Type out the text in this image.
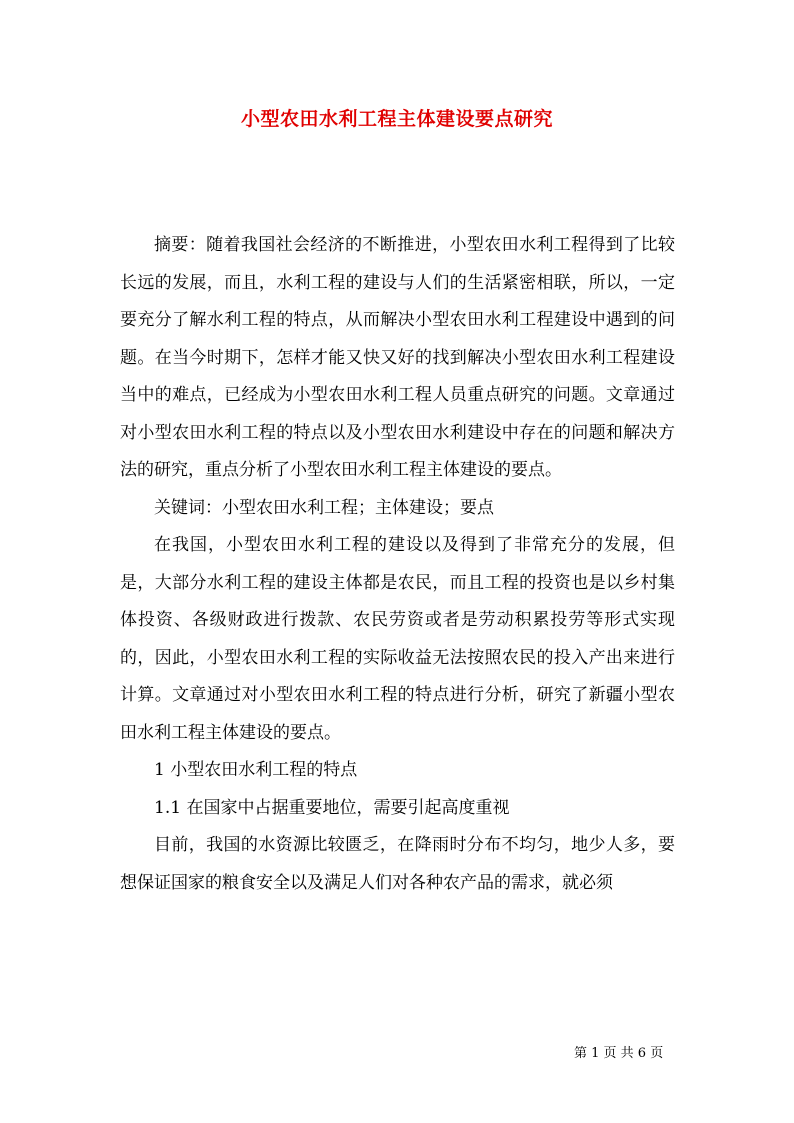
小型农田水利工程主体建设要点研究

摘要：随着我国社会经济的不断推进，小型农田水利工程得到了比较长远的发展，而且，水利工程的建设与人们的生活紧密相联，所以，一定要充分了解水利工程的特点，从而解决小型农田水利工程建设中遇到的问题。在当今时期下，怎样才能又快又好的找到解决小型农田水利工程建设当中的难点，已经成为小型农田水利工程人员重点研究的问题。文章通过对小型农田水利工程的特点以及小型农田水利建设中存在的问题和解决方法的研究，重点分析了小型农田水利工程主体建设的要点。

关键词：小型农田水利工程；主体建设；要点

在我国，小型农田水利工程的建设以及得到了非常充分的发展，但是，大部分水利工程的建设主体都是农民，而且工程的投资也是以乡村集体投资、各级财政进行拨款、农民劳资或者是劳动积累投劳等形式实现的，因此，小型农田水利工程的实际收益无法按照农民的投入产出来进行计算。文章通过对小型农田水利工程的特点进行分析，研究了新疆小型农田水利工程主体建设的要点。

1 小型农田水利工程的特点

1.1 在国家中占据重要地位，需要引起高度重视

目前，我国的水资源比较匮乏，在降雨时分布不均匀，地少人多，要想保证国家的粮食安全以及满足人们对各种农产品的需求，就必须

第 1 页 共 6 页
